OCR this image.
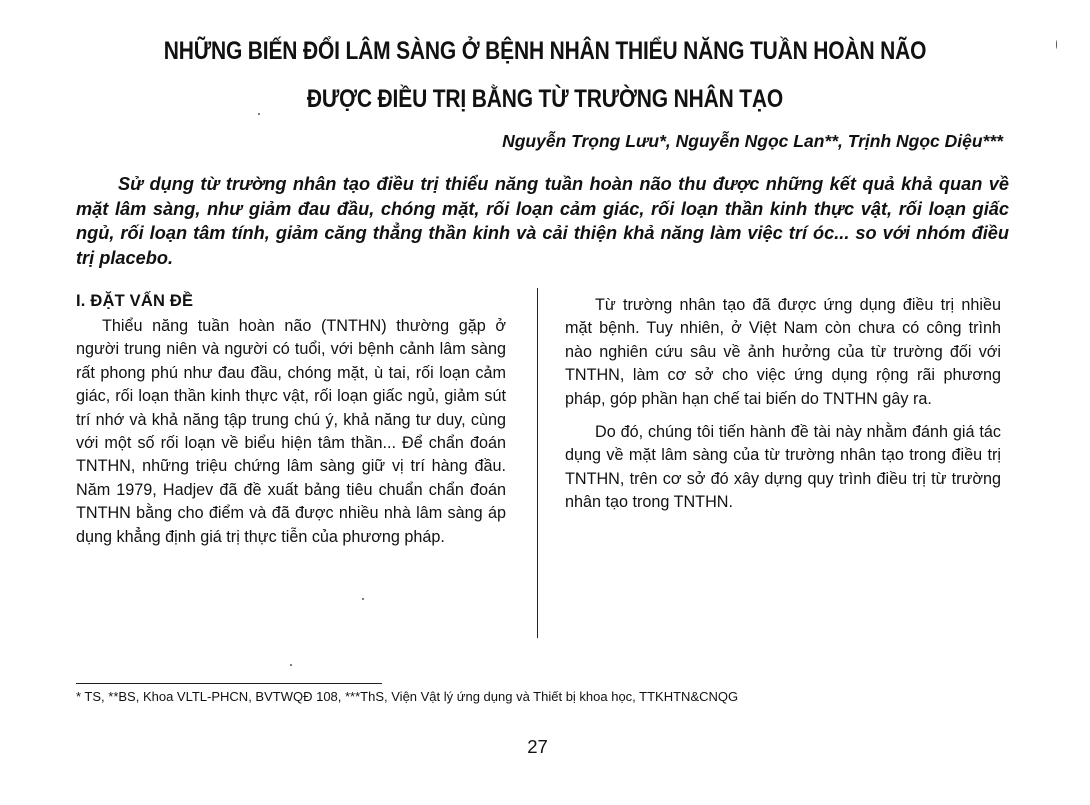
NHỮNG BIẾN ĐỔI LÂM SÀNG Ở BỆNH NHÂN THIỂU NĂNG TUẦN HOÀN NÃO
ĐƯỢC ĐIỀU TRỊ BẰNG TỪ TRƯỜNG NHÂN TẠO
Nguyễn Trọng Lưu*, Nguyễn Ngọc Lan**, Trịnh Ngọc Diệu***

Sử dụng từ trường nhân tạo điều trị thiểu năng tuần hoàn não thu được những kết quả khả quan về mặt lâm sàng, như giảm đau đầu, chóng mặt, rối loạn cảm giác, rối loạn thần kinh thực vật, rối loạn giấc ngủ, rối loạn tâm tính, giảm căng thẳng thần kinh và cải thiện khả năng làm việc trí óc... so với nhóm điều trị placebo.

I. ĐẶT VẤN ĐỀ

Thiểu năng tuần hoàn não (TNTHN) thường gặp ở người trung niên và người có tuổi, với bệnh cảnh lâm sàng rất phong phú như đau đầu, chóng mặt, ù tai, rối loạn cảm giác, rối loạn thần kinh thực vật, rối loạn giấc ngủ, giảm sút trí nhớ và khả năng tập trung chú ý, khả năng tư duy, cùng với một số rối loạn về biểu hiện tâm thần... Để chẩn đoán TNTHN, những triệu chứng lâm sàng giữ vị trí hàng đầu. Năm 1979, Hadjev đã đề xuất bảng tiêu chuẩn chẩn đoán TNTHN bằng cho điểm và đã được nhiều nhà lâm sàng áp dụng khẳng định giá trị thực tiễn của phương pháp.

Từ trường nhân tạo đã được ứng dụng điều trị nhiều mặt bệnh. Tuy nhiên, ở Việt Nam còn chưa có công trình nào nghiên cứu sâu về ảnh hưởng của từ trường đối với TNTHN, làm cơ sở cho việc ứng dụng rộng rãi phương pháp, góp phần hạn chế tai biến do TNTHN gây ra.

Do đó, chúng tôi tiến hành đề tài này nhằm đánh giá tác dụng về mặt lâm sàng của từ trường nhân tạo trong điều trị TNTHN, trên cơ sở đó xây dựng quy trình điều trị từ trường nhân tạo trong TNTHN.

* TS, **BS, Khoa VLTL-PHCN, BVTWQĐ 108, ***ThS, Viện Vật lý ứng dụng và Thiết bị khoa học, TTKHTN&CNQG
27
